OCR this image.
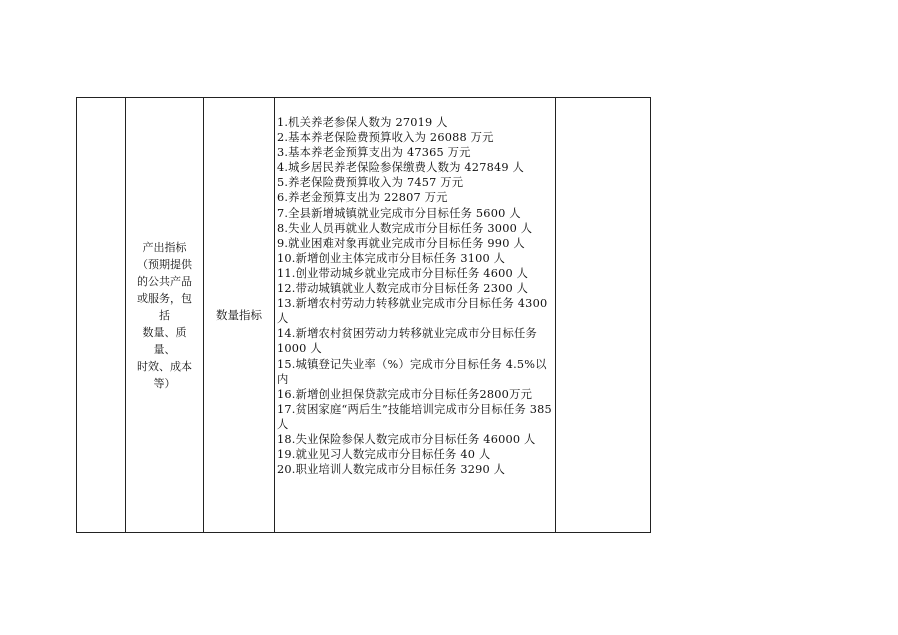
产出指标
（预期提供
的公共产品
或服务，包括
数量、质量、
时效、成本
等）
数量指标
1.机关养老参保人数为 27019 人
2.基本养老保险费预算收入为 26088 万元
3.基本养老金预算支出为 47365 万元
4.城乡居民养老保险参保缴费人数为 427849 人
5.养老保险费预算收入为 7457 万元
6.养老金预算支出为 22807 万元
7.全县新增城镇就业完成市分目标任务 5600 人
8.失业人员再就业人数完成市分目标任务 3000 人
9.就业困难对象再就业完成市分目标任务 990 人
10.新增创业主体完成市分目标任务 3100 人
11.创业带动城乡就业完成市分目标任务 4600 人
12.带动城镇就业人数完成市分目标任务 2300 人
13.新增农村劳动力转移就业完成市分目标任务 4300 人
14.新增农村贫困劳动力转移就业完成市分目标任务 1000 人
15.城镇登记失业率（%）完成市分目标任务 4.5%以内
16.新增创业担保贷款完成市分目标任务2800万元
17.贫困家庭“两后生”技能培训完成市分目标任务 385 人
18.失业保险参保人数完成市分目标任务 46000 人
19.就业见习人数完成市分目标任务 40 人
20.职业培训人数完成市分目标任务 3290 人
